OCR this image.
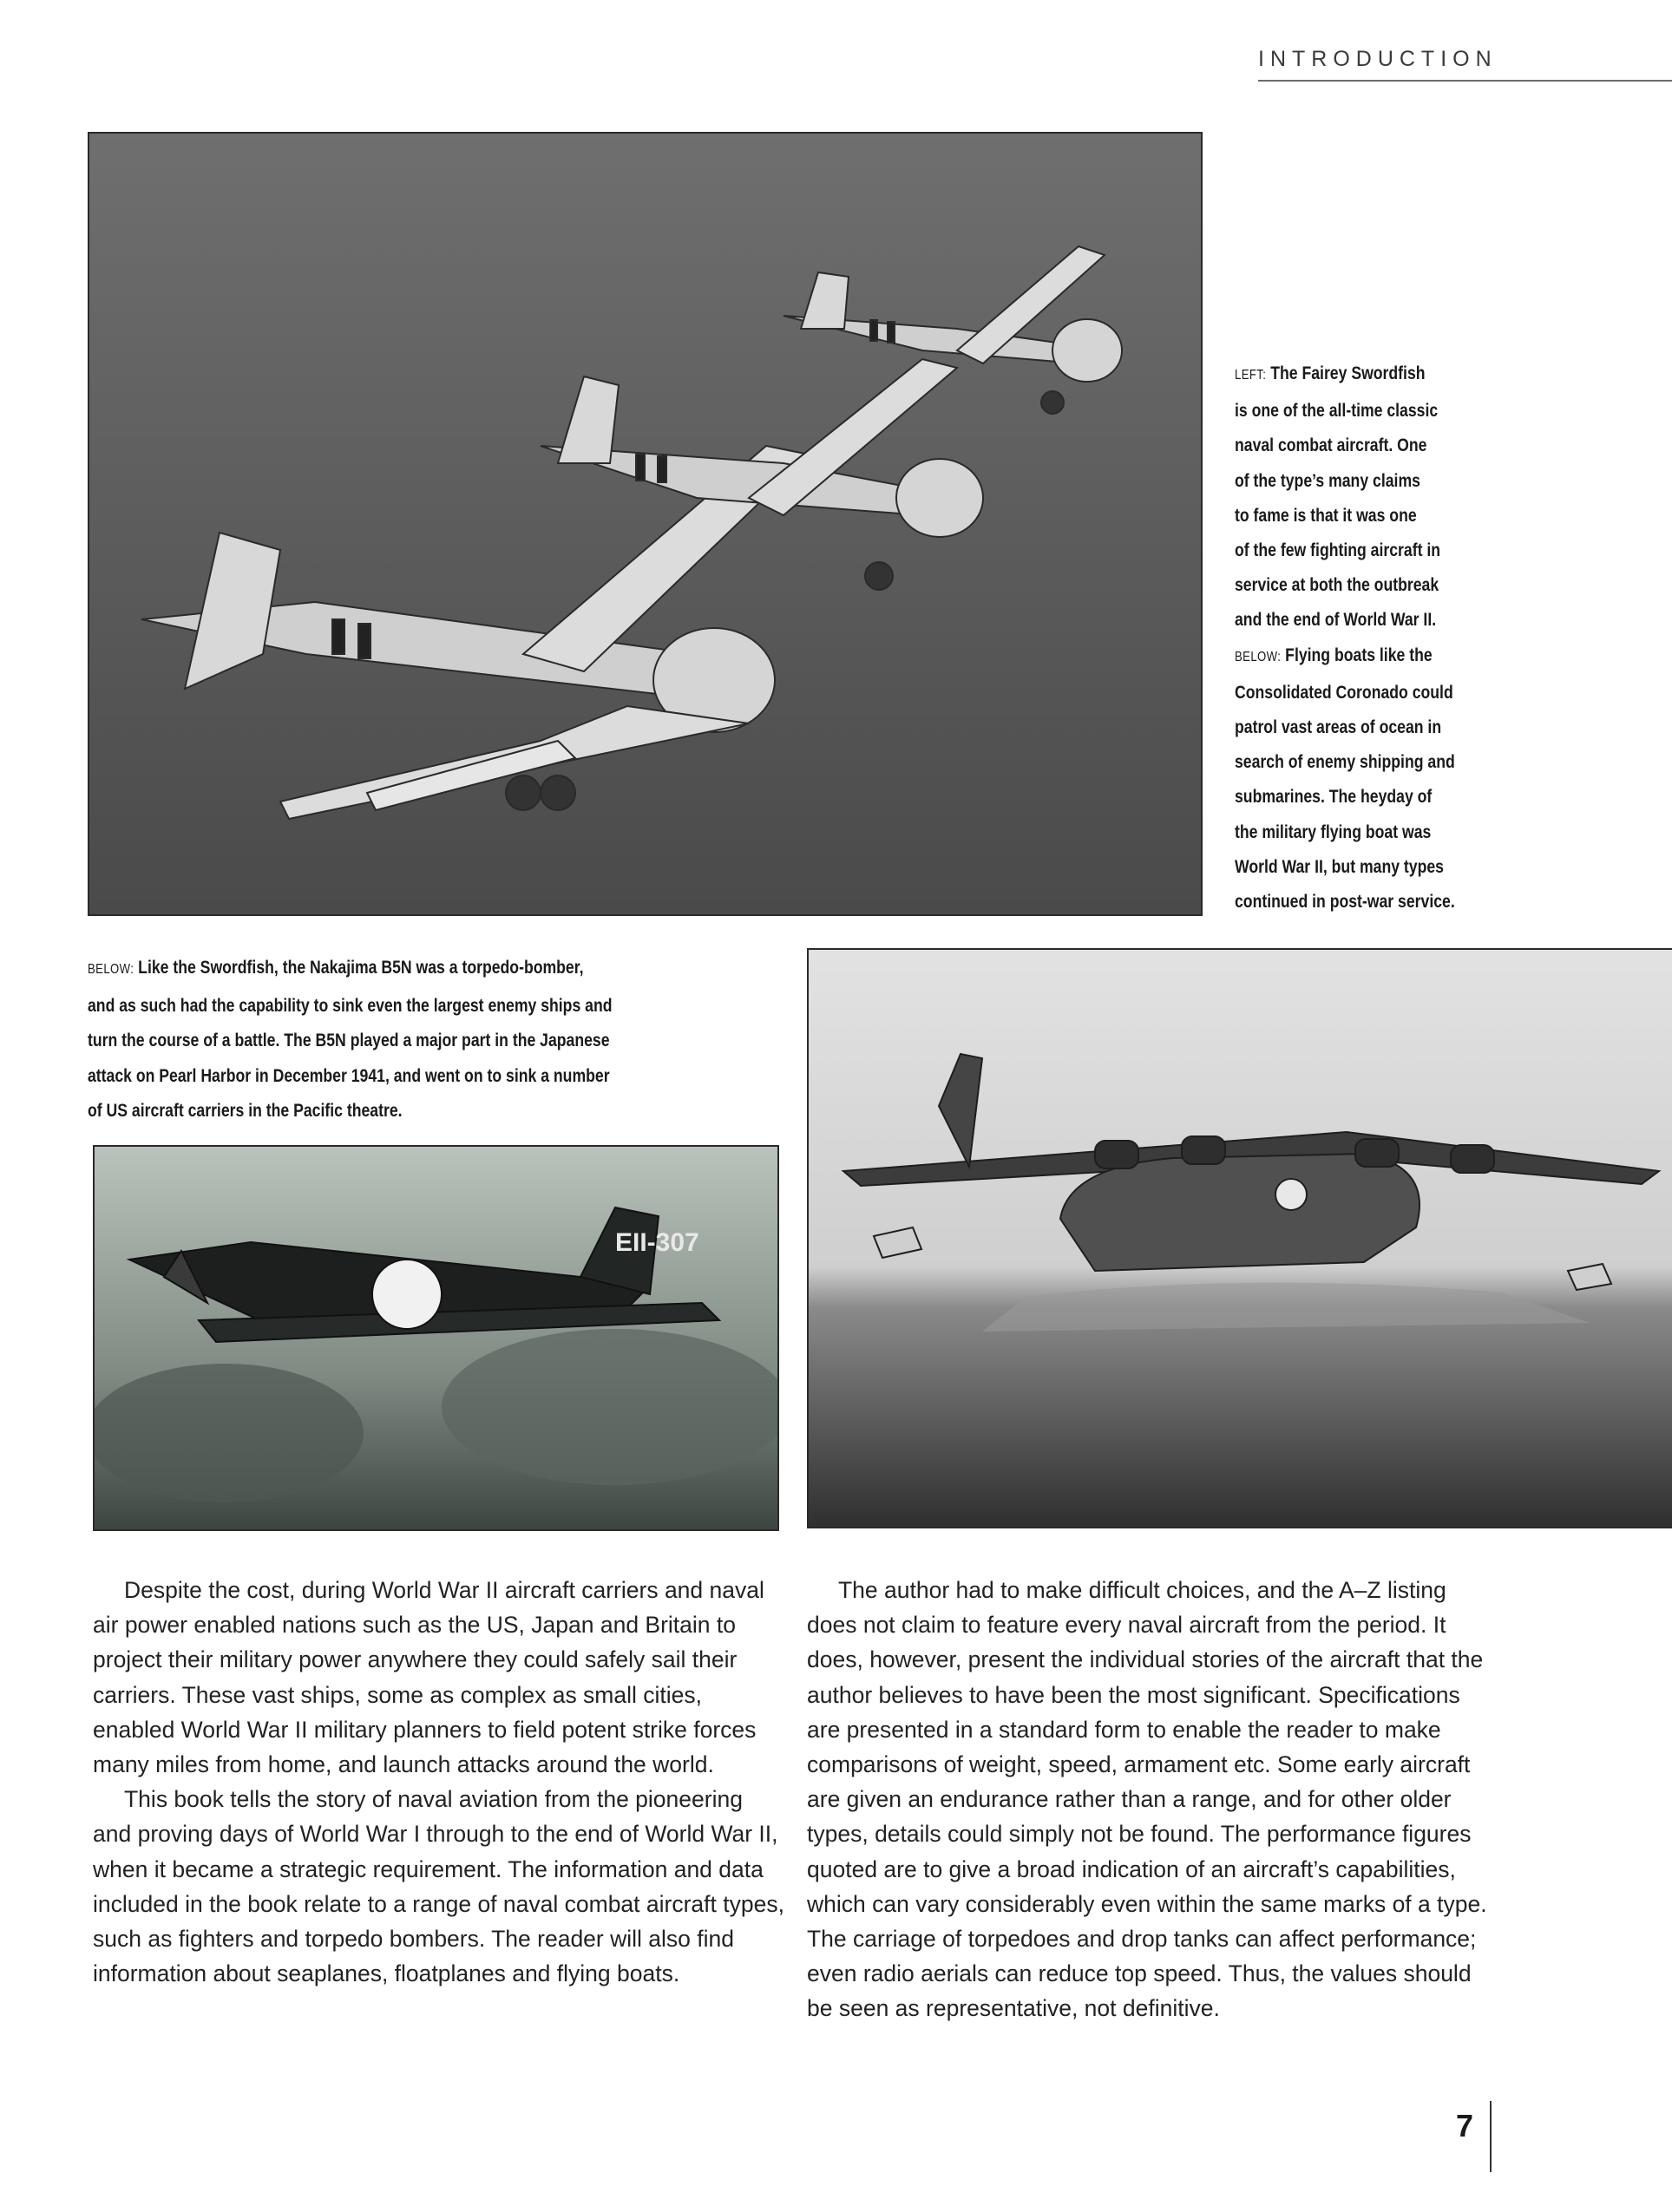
INTRODUCTION

LEFT: The Fairey Swordfish

is one of the all-time classic

naval combat aircraft. One

of the type’s many claims

to fame is that it was one

of the few fighting aircraft in

service at both the outbreak

and the end of World War II.

BELOW: Flying boats like the

Consolidated Coronado could

patrol vast areas of ocean in

search of enemy shipping and

submarines. The heyday of

the military flying boat was

World War II, but many types

continued in post-war service.

BELOW: Like the Swordfish, the Nakajima B5N was a torpedo-bomber,

and as such had the capability to sink even the largest enemy ships and

turn the course of a battle. The B5N played a major part in the Japanese

attack on Pearl Harbor in December 1941, and went on to sink a number

of US aircraft carriers in the Pacific theatre.

EII-307

Despite the cost, during World War II aircraft carriers and naval air power enabled nations such as the US, Japan and Britain to project their military power anywhere they could safely sail their carriers. These vast ships, some as complex as small cities, enabled World War II military planners to field potent strike forces many miles from home, and launch attacks around the world.

This book tells the story of naval aviation from the pioneering and proving days of World War I through to the end of World War II, when it became a strategic requirement. The information and data included in the book relate to a range of naval combat aircraft types, such as fighters and torpedo bombers. The reader will also find information about seaplanes, floatplanes and flying boats.

The author had to make difficult choices, and the A–Z listing does not claim to feature every naval aircraft from the period. It does, however, present the individual stories of the aircraft that the author believes to have been the most significant. Specifications are presented in a standard form to enable the reader to make comparisons of weight, speed, armament etc. Some early aircraft are given an endurance rather than a range, and for other older types, details could simply not be found. The performance figures quoted are to give a broad indication of an aircraft’s capabilities, which can vary considerably even within the same marks of a type. The carriage of torpedoes and drop tanks can affect performance; even radio aerials can reduce top speed. Thus, the values should be seen as representative, not definitive.

7
